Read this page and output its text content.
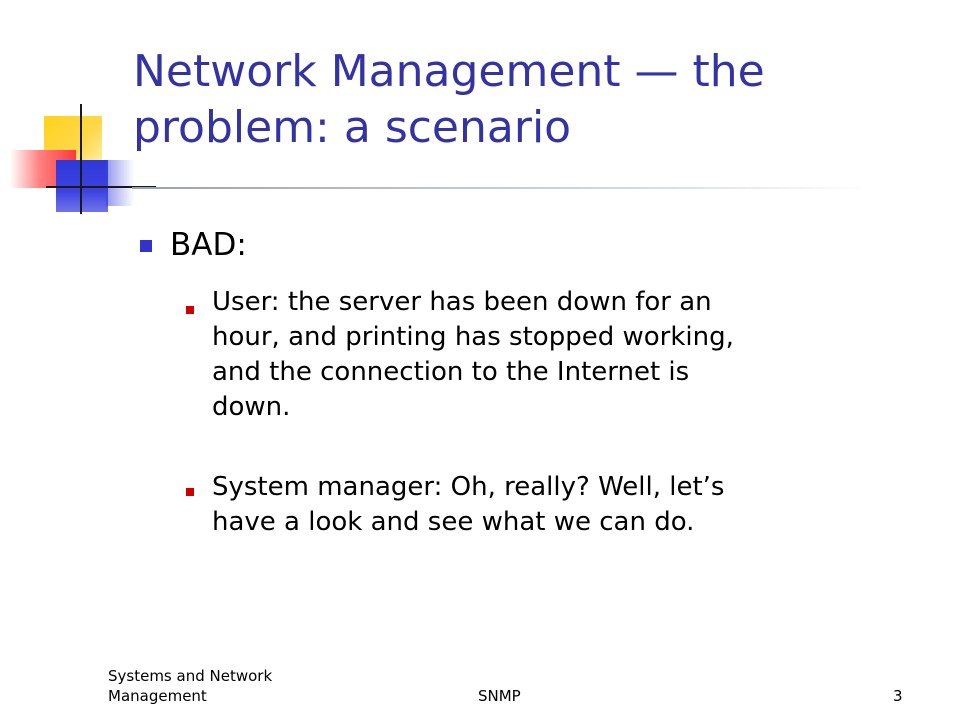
Network Management — the
problem: a scenario
BAD:
User: the server has been down for an
hour, and printing has stopped working,
and the connection to the Internet is
down.
System manager: Oh, really? Well, let’s
have a look and see what we can do.
Systems and Network
Management	SNMP	3
